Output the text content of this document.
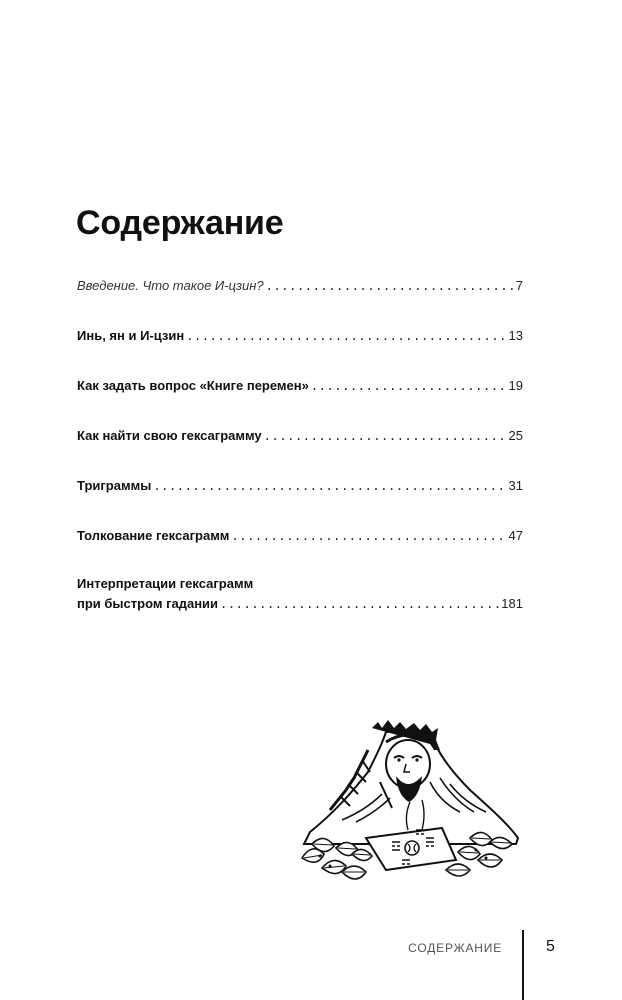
Содержание
Введение. Что такое И-цзин? .....	7
Инь, ян и И-цзин .....	13
Как задать вопрос «Книге перемен» .....	19
Как найти свою гексаграмму .....	25
Триграммы .....	31
Толкование гексаграмм .....	47
Интерпретации гексаграмм
при быстром гадании .....	181
СОДЕРЖАНИЕ	5
